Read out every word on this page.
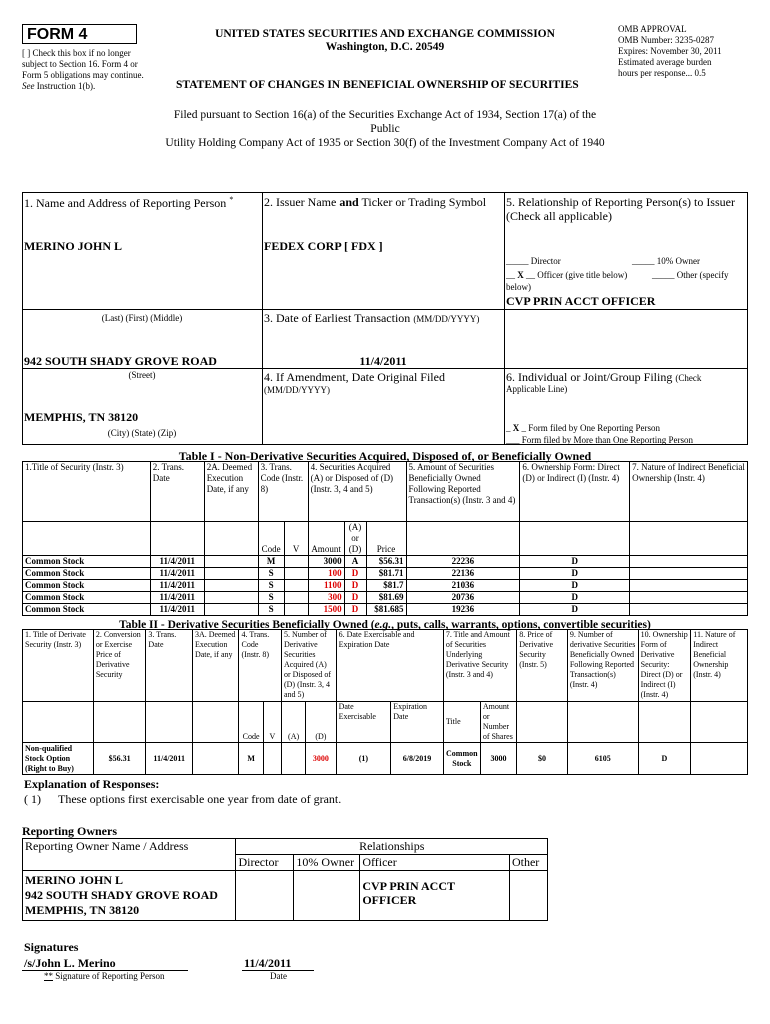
FORM 4
[ ] Check this box if no longer subject to Section 16. Form 4 or Form 5 obligations may continue. See Instruction 1(b).
UNITED STATES SECURITIES AND EXCHANGE COMMISSION
Washington, D.C. 20549
STATEMENT OF CHANGES IN BENEFICIAL OWNERSHIP OF SECURITIES
OMB APPROVAL
OMB Number: 3235-0287
Expires: November 30, 2011
Estimated average burden
hours per response... 0.5
Filed pursuant to Section 16(a) of the Securities Exchange Act of 1934, Section 17(a) of the
Public
Utility Holding Company Act of 1935 or Section 30(f) of the Investment Company Act of 1940
1. Name and Address of Reporting Person *
MERINO JOHN L
(Last) (First) (Middle)
942 SOUTH SHADY GROVE ROAD
(Street)
MEMPHIS, TN 38120
(City) (State) (Zip)
2. Issuer Name and Ticker or Trading Symbol
FEDEX CORP [ FDX ]
3. Date of Earliest Transaction (MM/DD/YYYY)
11/4/2011
4. If Amendment, Date Original Filed
(MM/DD/YYYY)
5. Relationship of Reporting Person(s) to Issuer
(Check all applicable)
_____ Director	_____ 10% Owner
__ X __ Officer (give title below)	_____ Other (specify
below)
CVP PRIN ACCT OFFICER
6. Individual or Joint/Group Filing (Check
Applicable Line)
_ X _ Form filed by One Reporting Person
___ Form filed by More than One Reporting Person
Table I - Non-Derivative Securities Acquired, Disposed of, or Beneficially Owned
1.Title of Security (Instr. 3)	2. Trans. Date	2A. Deemed Execution Date, if any	3. Trans. Code (Instr. 8)		4. Securities Acquired (A) or Disposed of (D) (Instr. 3, 4 and 5)			5. Amount of Securities Beneficially Owned Following Reported Transaction(s) (Instr. 3 and 4)	6. Ownership Form: Direct (D) or Indirect (I) (Instr. 4)	7. Nature of Indirect Beneficial Ownership (Instr. 4)
			Code	V	Amount	(A) or (D)	Price			
Common Stock	11/4/2011		M		3000	A	$56.31	22236	D	
Common Stock	11/4/2011		S		100	D	$81.71	22136	D	
Common Stock	11/4/2011		S		1100	D	$81.7	21036	D	
Common Stock	11/4/2011		S		300	D	$81.69	20736	D	
Common Stock	11/4/2011		S		1500	D	$81.685	19236	D	
Table II - Derivative Securities Beneficially Owned (e.g., puts, calls, warrants, options, convertible securities)
1. Title of Derivate Security (Instr. 3)	2. Conversion or Exercise Price of Derivative Security	3. Trans. Date	3A. Deemed Execution Date, if any	4. Trans. Code (Instr. 8)		5. Number of Derivative Securities Acquired (A) or Disposed of (D) (Instr. 3, 4 and 5)		6. Date Exercisable and Expiration Date		7. Title and Amount of Securities Underlying Derivative Security (Instr. 3 and 4)		8. Price of Derivative Security (Instr. 5)	9. Number of derivative Securities Beneficially Owned Following Reported Transaction(s) (Instr. 4)	10. Ownership Form of Derivative Security: Direct (D) or Indirect (I) (Instr. 4)	11. Nature of Indirect Beneficial Ownership (Instr. 4)
				Code	V	(A)	(D)	Date Exercisable	Expiration Date	Title	Amount or Number of Shares				
Non-qualified Stock Option (Right to Buy)	$56.31	11/4/2011		M			3000	(1)	6/8/2019	Common Stock	3000	$0	6105	D	
Explanation of Responses:
( 1) These options first exercisable one year from date of grant.
Reporting Owners
Reporting Owner Name / Address	Relationships			
	Director	10% Owner	Officer	Other

MERINO JOHN L
942 SOUTH SHADY GROVE ROAD
MEMPHIS, TN 38120			CVP PRIN ACCT OFFICER	
Signatures
/s/John L. Merino	11/4/2011
** Signature of Reporting Person	Date
